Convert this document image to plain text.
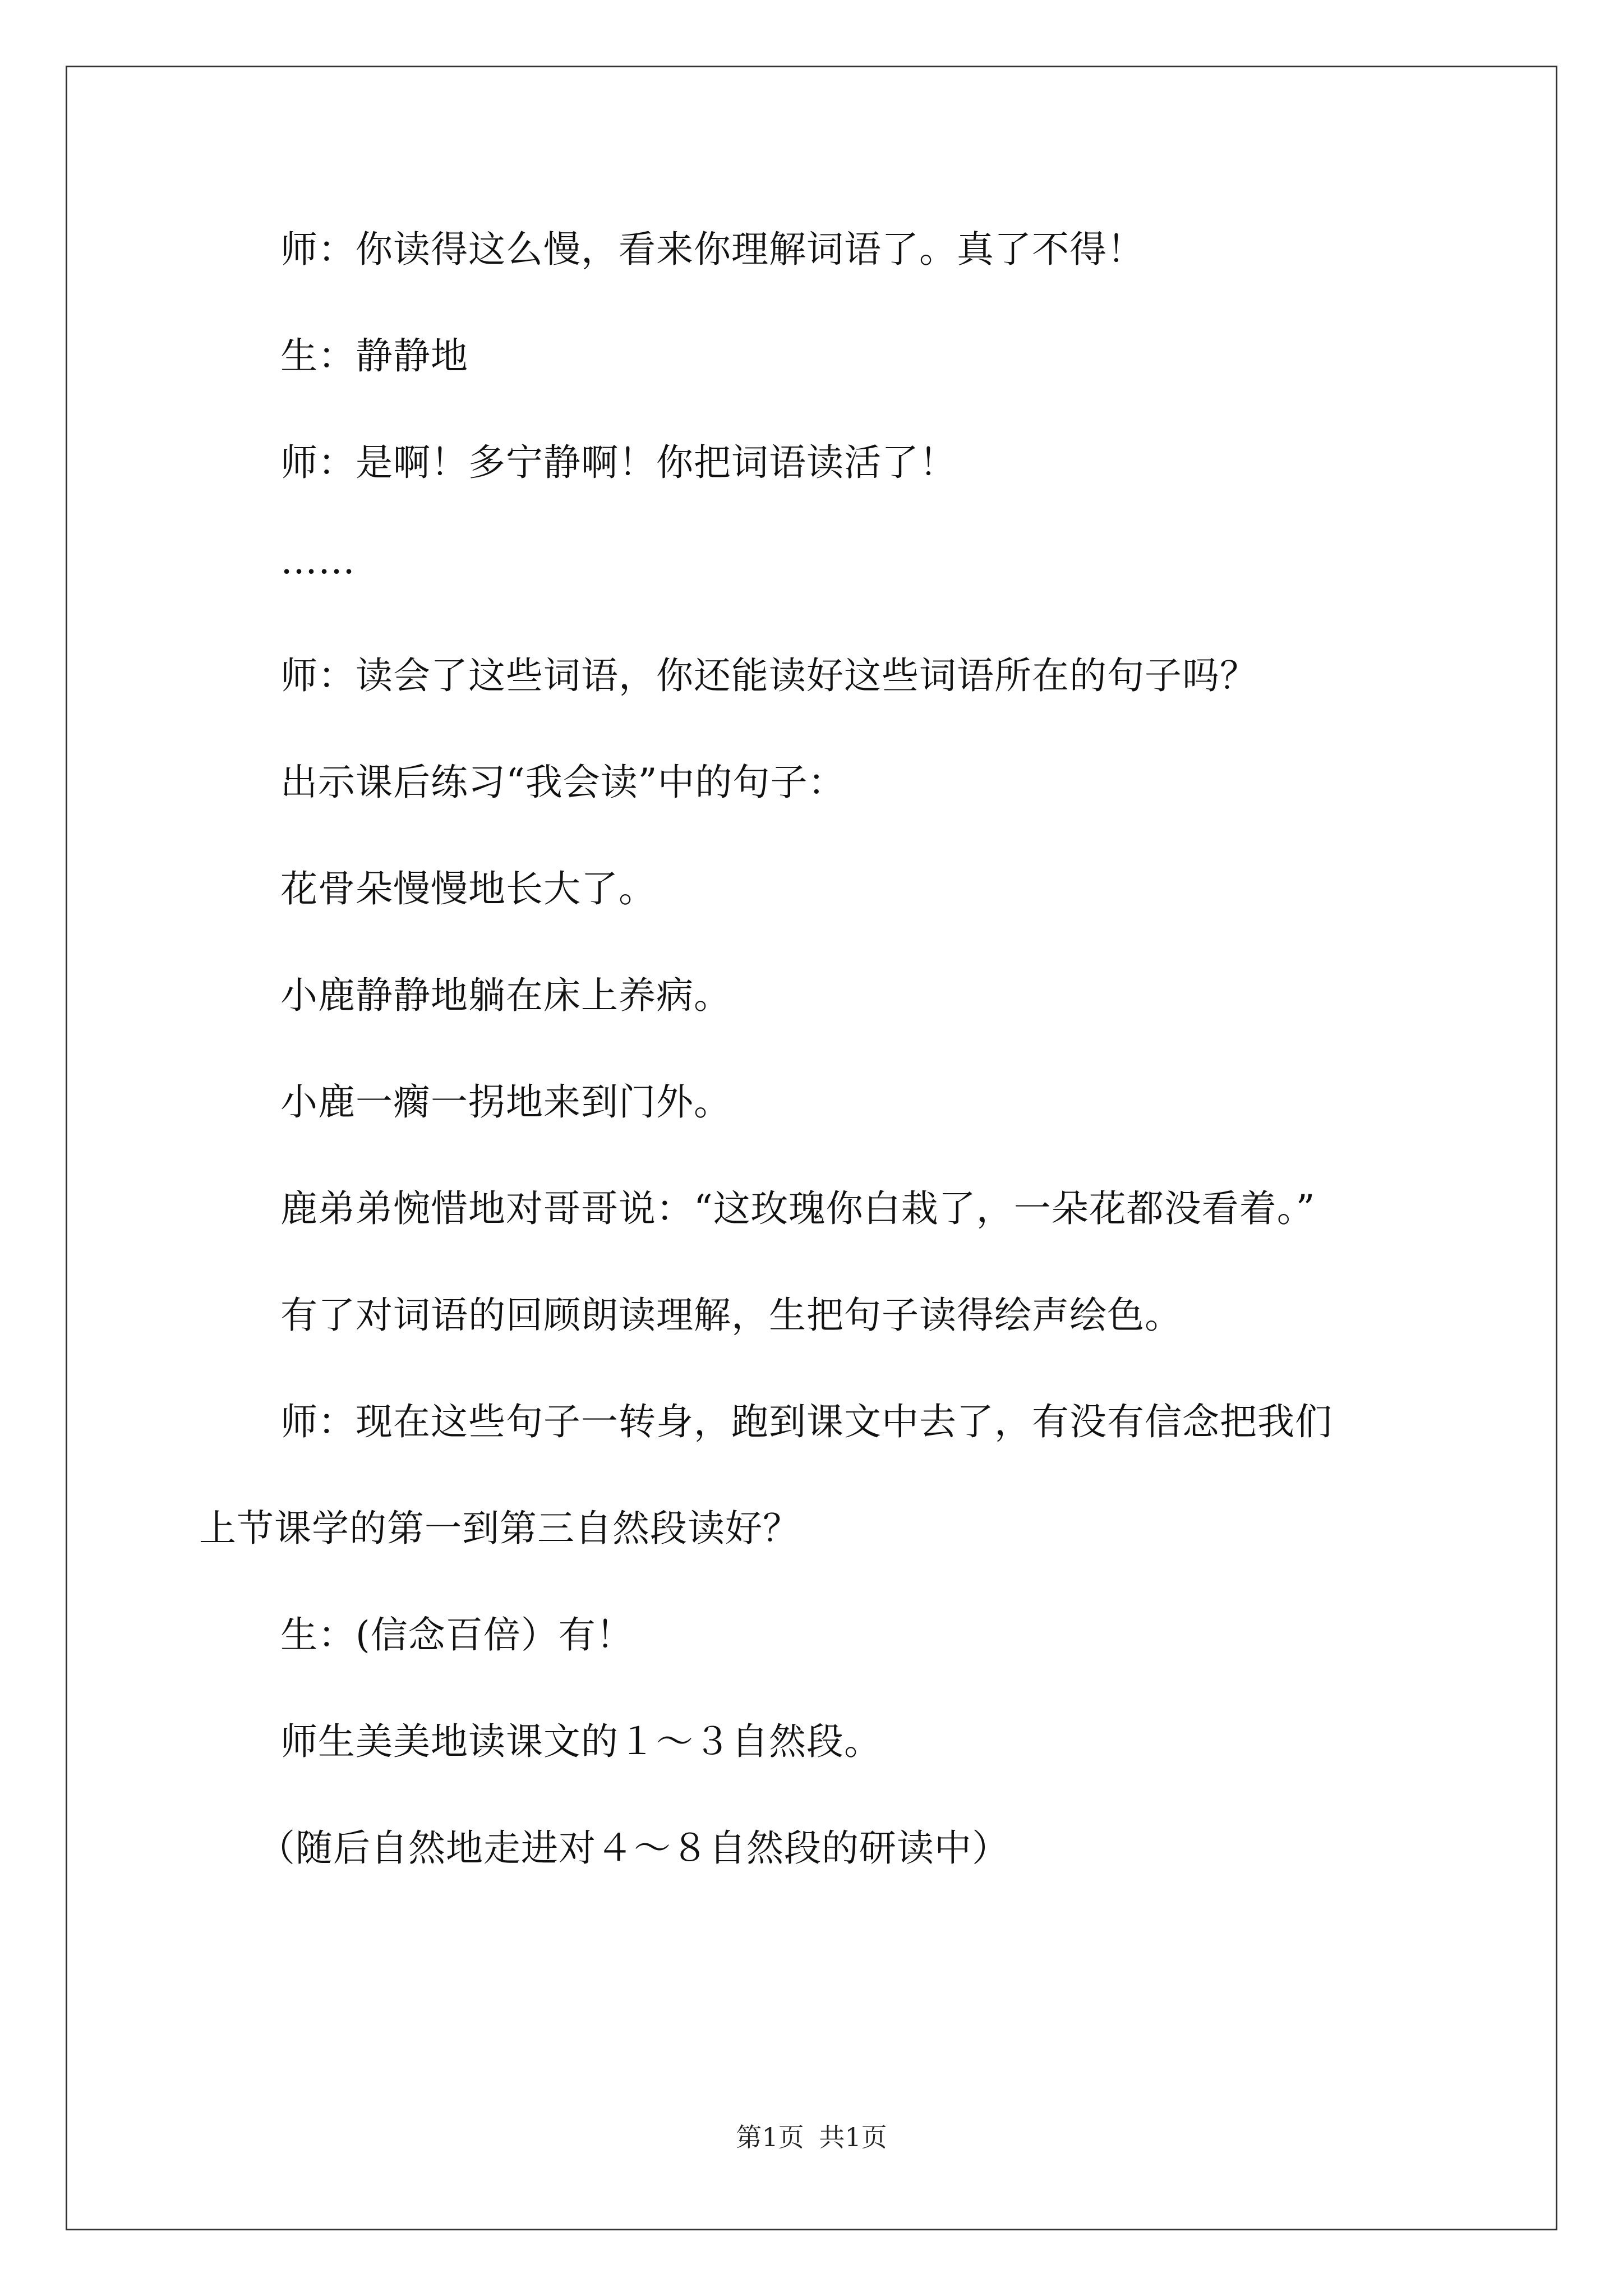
师：你读得这么慢，看来你理解词语了。真了不得！
生：静静地
师：是啊！多宁静啊！你把词语读活了！
……
师：读会了这些词语，你还能读好这些词语所在的句子吗？
出示课后练习“我会读”中的句子：
花骨朵慢慢地长大了。
小鹿静静地躺在床上养病。
小鹿一瘸一拐地来到门外。
鹿弟弟惋惜地对哥哥说：“这玫瑰你白栽了，一朵花都没看着。”
有了对词语的回顾朗读理解，生把句子读得绘声绘色。
师：现在这些句子一转身，跑到课文中去了，有没有信念把我们
上节课学的第一到第三自然段读好？
生：(信念百倍）有！
师生美美地读课文的１～３自然段。
（随后自然地走进对４～８自然段的研读中）
第1页 共1页
